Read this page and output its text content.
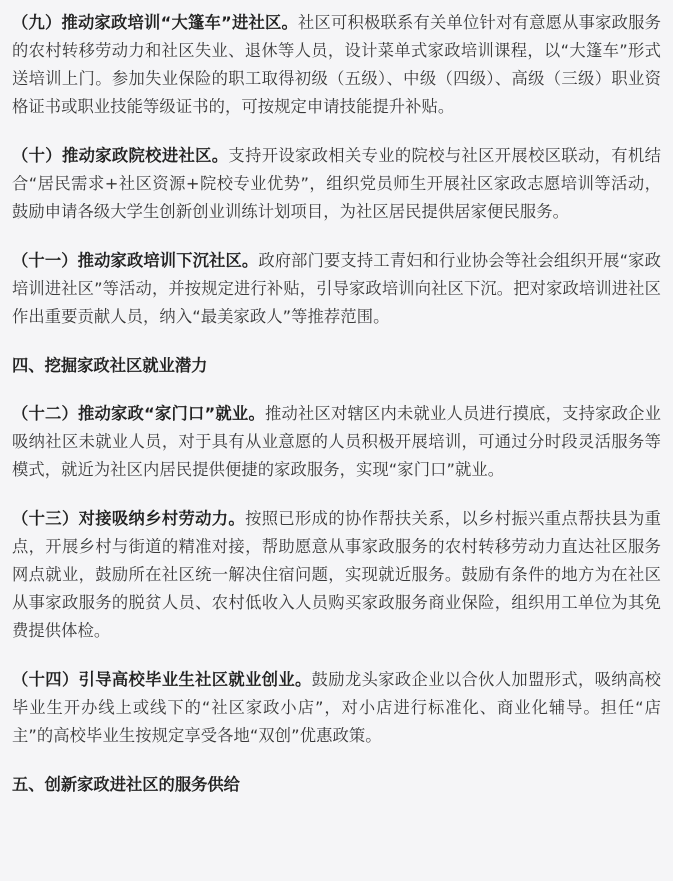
（九）推动家政培训“大篷车”进社区。社区可积极联系有关单位针对有意愿从事家政服务的农村转移劳动力和社区失业、退休等人员，设计菜单式家政培训课程，以“大篷车”形式送培训上门。参加失业保险的职工取得初级（五级）、中级（四级）、高级（三级）职业资格证书或职业技能等级证书的，可按规定申请技能提升补贴。

（十）推动家政院校进社区。支持开设家政相关专业的院校与社区开展校区联动，有机结合“居民需求+社区资源+院校专业优势”，组织党员师生开展社区家政志愿培训等活动，鼓励申请各级大学生创新创业训练计划项目，为社区居民提供居家便民服务。

（十一）推动家政培训下沉社区。政府部门要支持工青妇和行业协会等社会组织开展“家政培训进社区”等活动，并按规定进行补贴，引导家政培训向社区下沉。把对家政培训进社区作出重要贡献人员，纳入“最美家政人”等推荐范围。

四、挖掘家政社区就业潜力

（十二）推动家政“家门口”就业。推动社区对辖区内未就业人员进行摸底，支持家政企业吸纳社区未就业人员，对于具有从业意愿的人员积极开展培训，可通过分时段灵活服务等模式，就近为社区内居民提供便捷的家政服务，实现“家门口”就业。

（十三）对接吸纳乡村劳动力。按照已形成的协作帮扶关系，以乡村振兴重点帮扶县为重点，开展乡村与街道的精准对接，帮助愿意从事家政服务的农村转移劳动力直达社区服务网点就业，鼓励所在社区统一解决住宿问题，实现就近服务。鼓励有条件的地方为在社区从事家政服务的脱贫人员、农村低收入人员购买家政服务商业保险，组织用工单位为其免费提供体检。

（十四）引导高校毕业生社区就业创业。鼓励龙头家政企业以合伙人加盟形式，吸纳高校毕业生开办线上或线下的“社区家政小店”，对小店进行标准化、商业化辅导。担任“店主”的高校毕业生按规定享受各地“双创”优惠政策。

五、创新家政进社区的服务供给
